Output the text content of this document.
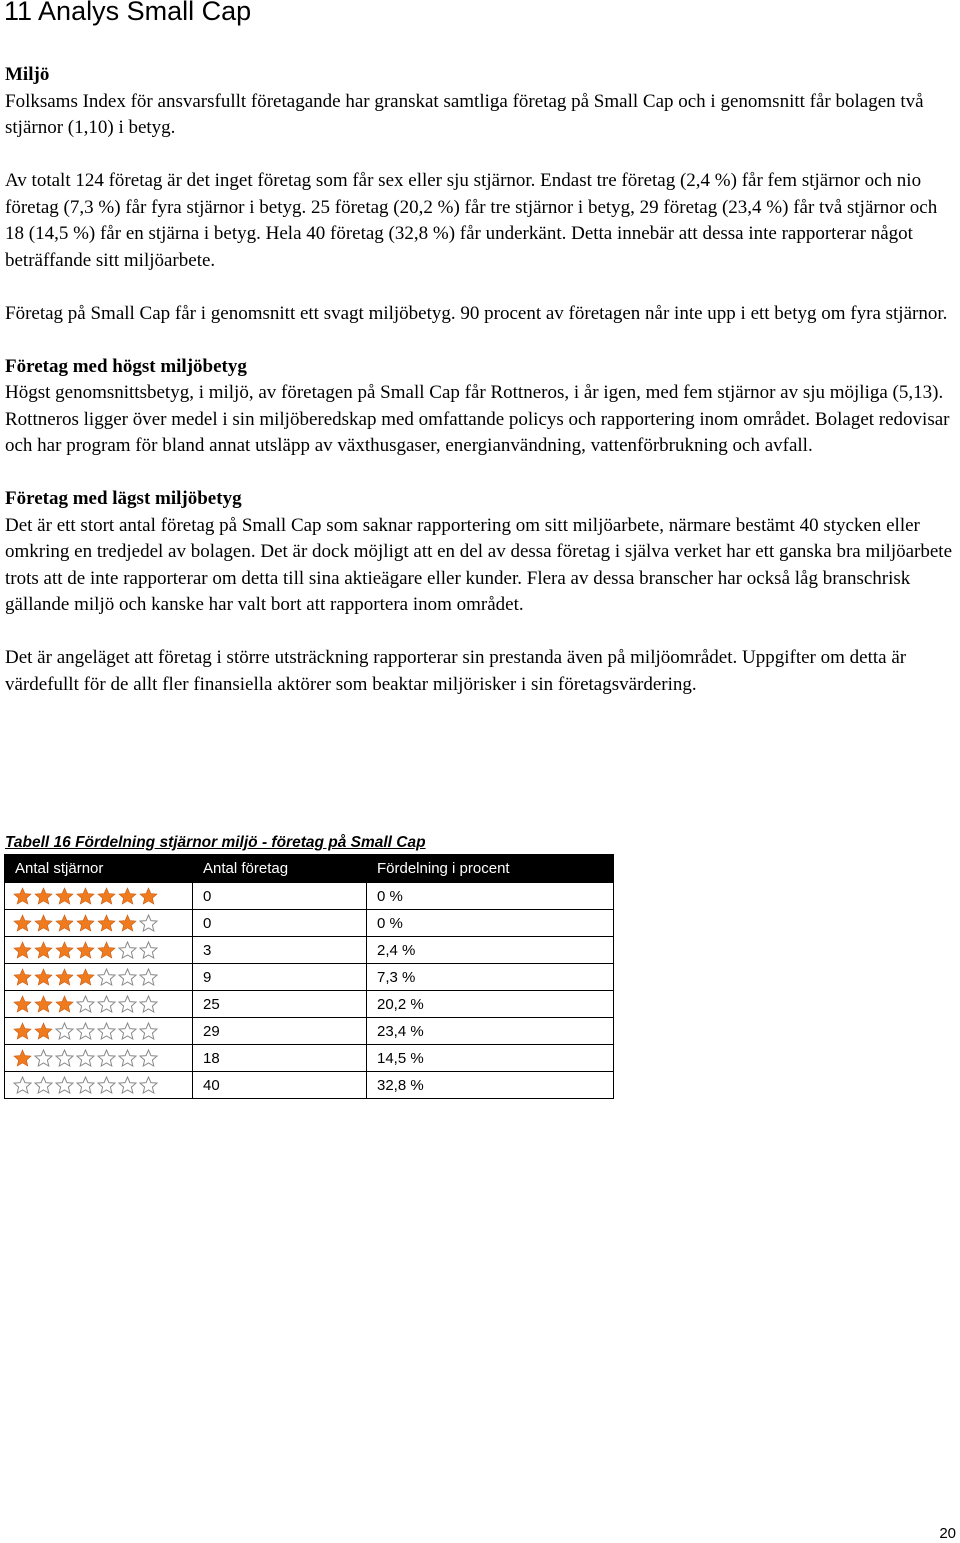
11 Analys Small Cap
Miljö

Folksams Index för ansvarsfullt företagande har granskat samtliga företag på Small Cap och i genomsnitt får bolagen två stjärnor (1,10) i betyg.

Av totalt 124 företag är det inget företag som får sex eller sju stjärnor. Endast tre företag (2,4 %) får fem stjärnor och nio företag (7,3 %) får fyra stjärnor i betyg. 25 företag (20,2 %) får tre stjärnor i betyg, 29 företag (23,4 %) får två stjärnor och 18 (14,5 %) får en stjärna i betyg. Hela 40 företag (32,8 %) får underkänt. Detta innebär att dessa inte rapporterar något beträffande sitt miljöarbete.

Företag på Small Cap får i genomsnitt ett svagt miljöbetyg. 90 procent av företagen når inte upp i ett betyg om fyra stjärnor.

Företag med högst miljöbetyg

Högst genomsnittsbetyg, i miljö, av företagen på Small Cap får Rottneros, i år igen, med fem stjärnor av sju möjliga (5,13). Rottneros ligger över medel i sin miljöberedskap med omfattande policys och rapportering inom området. Bolaget redovisar och har program för bland annat utsläpp av växthusgaser, energianvändning, vattenförbrukning och avfall.

Företag med lägst miljöbetyg

Det är ett stort antal företag på Small Cap som saknar rapportering om sitt miljöarbete, närmare bestämt 40 stycken eller omkring en tredjedel av bolagen. Det är dock möjligt att en del av dessa företag i själva verket har ett ganska bra miljöarbete trots att de inte rapporterar om detta till sina aktieägare eller kunder. Flera av dessa branscher har också låg branschrisk gällande miljö och kanske har valt bort att rapportera inom området.

Det är angeläget att företag i större utsträckning rapporterar sin prestanda även på miljöområdet. Uppgifter om detta är värdefullt för de allt fler finansiella aktörer som beaktar miljörisker i sin företagsvärdering.

Tabell 16 Fördelning stjärnor miljö - företag på Small Cap

Antal stjärnor	Antal företag	Fördelning i procent

	0	0 %

	0	0 %

	3	2,4 %

	9	7,3 %

	25	20,2 %

	29	23,4 %

	18	14,5 %

	40	32,8 %
20
